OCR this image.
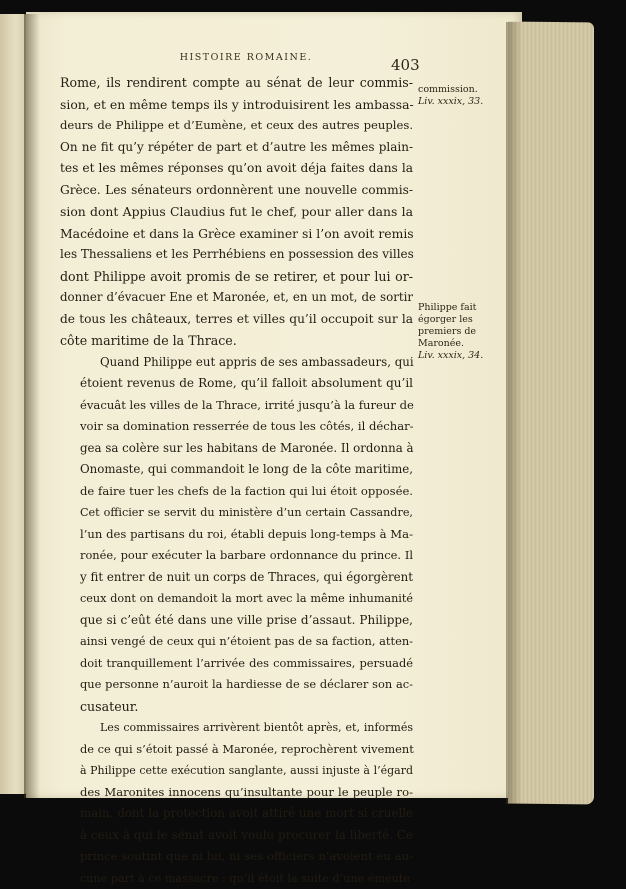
HISTOIRE ROMAINE.	403

Rome, ils rendirent compte au sénat de leur commis-
sion, et en même temps ils y introduisirent les ambassa-
deurs de Philippe et d’Eumène, et ceux des autres peuples.
On ne fit qu’y répéter de part et d’autre les mêmes plain-
tes et les mêmes réponses qu’on avoit déja faites dans la
Grèce. Les sénateurs ordonnèrent une nouvelle commis-
sion dont Appius Claudius fut le chef, pour aller dans la
Macédoine et dans la Grèce examiner si l’on avoit remis
les Thessaliens et les Perrhébiens en possession des villes
dont Philippe avoit promis de se retirer, et pour lui or-
donner d’évacuer Ene et Maronée, et, en un mot, de sortir
de tous les châteaux, terres et villes qu’il occupoit sur la
côte maritime de la Thrace.

Quand Philippe eut appris de ses ambassadeurs, qui
étoient revenus de Rome, qu’il falloit absolument qu’il
évacuât les villes de la Thrace, irrité jusqu’à la fureur de
voir sa domination resserrée de tous les côtés, il déchar-
gea sa colère sur les habitans de Maronée. Il ordonna à
Onomaste, qui commandoit le long de la côte maritime,
de faire tuer les chefs de la faction qui lui étoit opposée.
Cet officier se servit du ministère d’un certain Cassandre,
l’un des partisans du roi, établi depuis long-temps à Ma-
ronée, pour exécuter la barbare ordonnance du prince. Il
y fit entrer de nuit un corps de Thraces, qui égorgèrent
ceux dont on demandoit la mort avec la même inhumanité
que si c’eût été dans une ville prise d’assaut. Philippe,
ainsi vengé de ceux qui n’étoient pas de sa faction, atten-
doit tranquillement l’arrivée des commissaires, persuadé
que personne n’auroit la hardiesse de se déclarer son ac-
cusateur.

Les commissaires arrivèrent bientôt après, et, informés
de ce qui s’étoit passé à Maronée, reprochèrent vivement
à Philippe cette exécution sanglante, aussi injuste à l’égard
des Maronites innocens qu’insultante pour le peuple ro-
main, dont la protection avoit attiré une mort si cruelle
à ceux à qui le sénat avoit voulu procurer la liberté. Ce
prince soutint que ni lui, ni ses officiers n’avoient eu au-
cune part à ce massacre : qu’il étoit la suite d’une émeute

commission.
Liv. xxxix, 33.
Philippe fait égorger les premiers de Maronée.
Liv. xxxix, 34.
